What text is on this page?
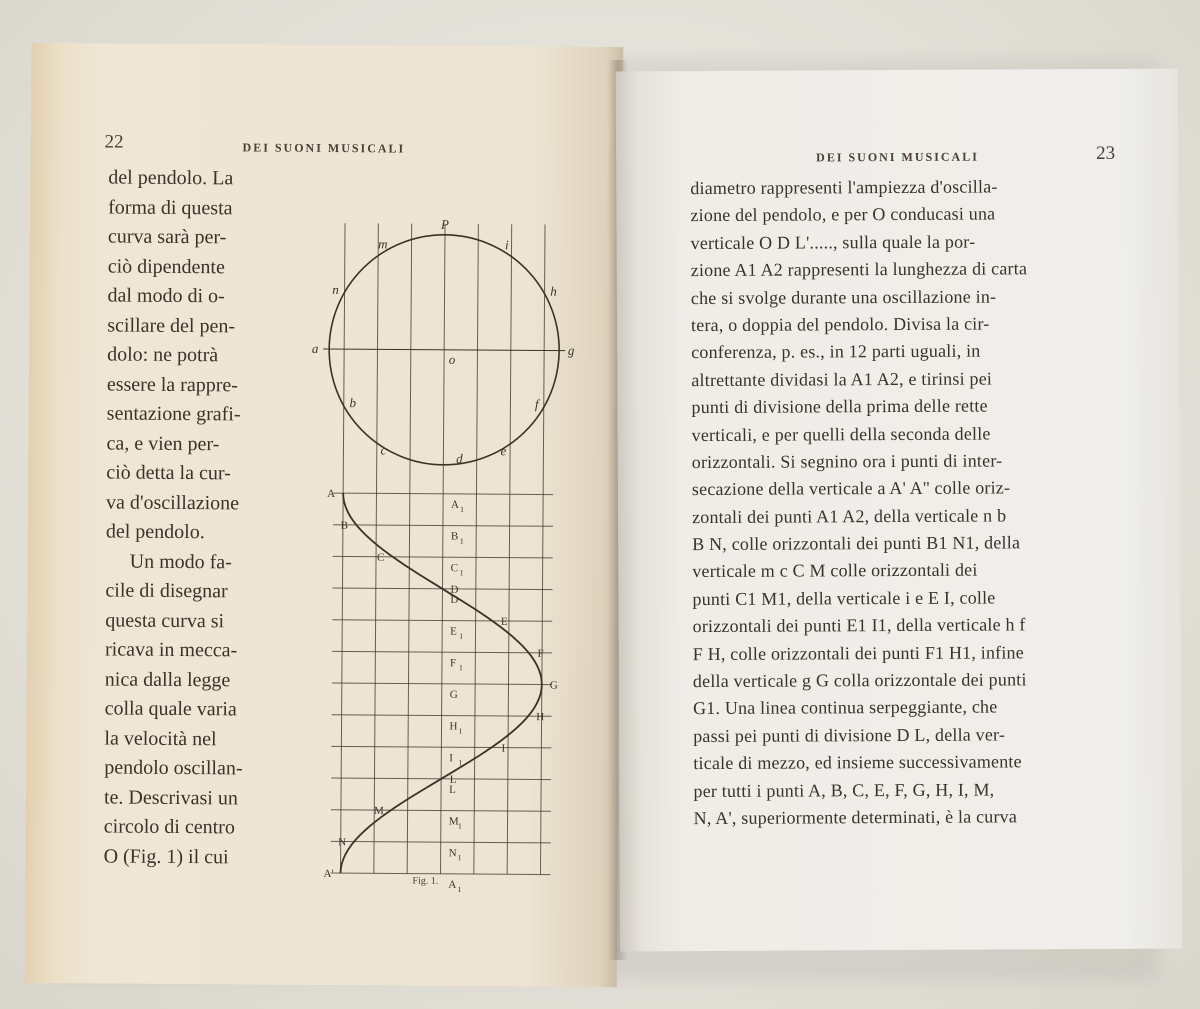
22	DEI SUONI MUSICALI
del pendolo. La
forma di questa
curva sarà per-
ciò dipendente
dal modo di o-
scillare del pen-
dolo: ne potrà
essere la rappre-
sentazione grafi-
ca, e vien per-
ciò detta la cur-
va d'oscillazione
del pendolo.
Un modo fa-
cile di disegnar
questa curva si
ricava in mecca-
nica dalla legge
colla quale varia
la velocità nel
pendolo oscillan-
te. Descrivasi un
circolo di centro
O (Fig. 1) il cui
P
m	i
n	h
a	g
o
b	f
c	e
d
A
B
C
D
E
F
G
H
I
L
M
N
A'
A 1
B 1
C 1
D
E 1
F 1
G
H 1
I 1
L
M 1
N 1
A 1
Fig. 1.
DEI SUONI MUSICALI	23
diametro rappresenti l'ampiezza d'oscilla-
zione del pendolo, e per O conducasi una
verticale O D L'....., sulla quale la por-
zione A1 A2 rappresenti la lunghezza di carta
che si svolge durante una oscillazione in-
tera, o doppia del pendolo. Divisa la cir-
conferenza, p. es., in 12 parti uguali, in
altrettante dividasi la A1 A2, e tirinsi pei
punti di divisione della prima delle rette
verticali, e per quelli della seconda delle
orizzontali. Si segnino ora i punti di inter-
secazione della verticale a A' A'' colle oriz-
zontali dei punti A1 A2, della verticale n b
B N, colle orizzontali dei punti B1 N1, della
verticale m c C M colle orizzontali dei
punti C1 M1, della verticale i e E I, colle
orizzontali dei punti E1 I1, della verticale h f
F H, colle orizzontali dei punti F1 H1, infine
della verticale g G colla orizzontale dei punti
G1. Una linea continua serpeggiante, che
passi pei punti di divisione D L, della ver-
ticale di mezzo, ed insieme successivamente
per tutti i punti A, B, C, E, F, G, H, I, M,
N, A', superiormente determinati, è la curva
